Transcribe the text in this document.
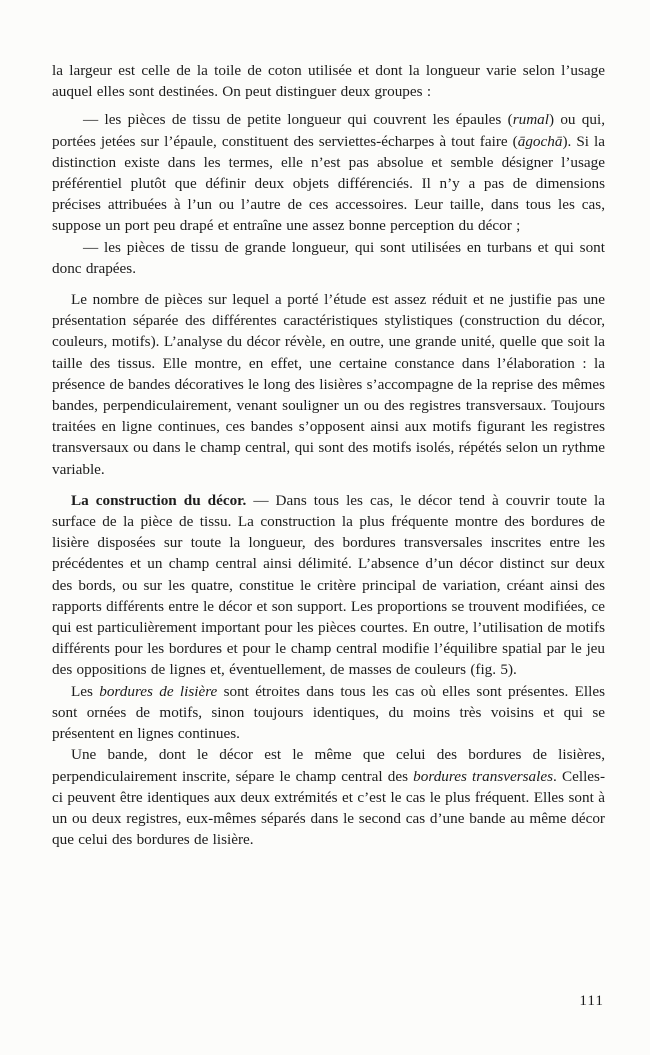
la largeur est celle de la toile de coton utilisée et dont la longueur varie selon l’usage auquel elles sont destinées. On peut distinguer deux groupes :

— les pièces de tissu de petite longueur qui couvrent les épaules (rumal) ou qui, portées jetées sur l’épaule, constituent des serviettes-écharpes à tout faire (āgochā). Si la distinction existe dans les termes, elle n’est pas absolue et semble désigner l’usage préférentiel plutôt que définir deux objets différenciés. Il n’y a pas de dimensions précises attribuées à l’un ou l’autre de ces accessoires. Leur taille, dans tous les cas, suppose un port peu drapé et entraîne une assez bonne perception du décor ;

— les pièces de tissu de grande longueur, qui sont utilisées en turbans et qui sont donc drapées.

Le nombre de pièces sur lequel a porté l’étude est assez réduit et ne justifie pas une présentation séparée des différentes caractéristiques stylistiques (construction du décor, couleurs, motifs). L’analyse du décor révèle, en outre, une grande unité, quelle que soit la taille des tissus. Elle montre, en effet, une certaine constance dans l’élaboration : la présence de bandes décoratives le long des lisières s’accompagne de la reprise des mêmes bandes, perpendiculairement, venant souligner un ou des registres transversaux. Toujours traitées en ligne continues, ces bandes s’opposent ainsi aux motifs figurant les registres transversaux ou dans le champ central, qui sont des motifs isolés, répétés selon un rythme variable.

La construction du décor. — Dans tous les cas, le décor tend à couvrir toute la surface de la pièce de tissu. La construction la plus fréquente montre des bordures de lisière disposées sur toute la longueur, des bordures transversales inscrites entre les précédentes et un champ central ainsi délimité. L’absence d’un décor distinct sur deux des bords, ou sur les quatre, constitue le critère principal de variation, créant ainsi des rapports différents entre le décor et son support. Les proportions se trouvent modifiées, ce qui est particulièrement important pour les pièces courtes. En outre, l’utilisation de motifs différents pour les bordures et pour le champ central modifie l’équilibre spatial par le jeu des oppositions de lignes et, éventuellement, de masses de couleurs (fig. 5).

Les bordures de lisière sont étroites dans tous les cas où elles sont présentes. Elles sont ornées de motifs, sinon toujours identiques, du moins très voisins et qui se présentent en lignes continues.

Une bande, dont le décor est le même que celui des bordures de lisières, perpendiculairement inscrite, sépare le champ central des bordures transversales. Celles-ci peuvent être identiques aux deux extrémités et c’est le cas le plus fréquent. Elles sont à un ou deux registres, eux-mêmes séparés dans le second cas d’une bande au même décor que celui des bordures de lisière.

111
